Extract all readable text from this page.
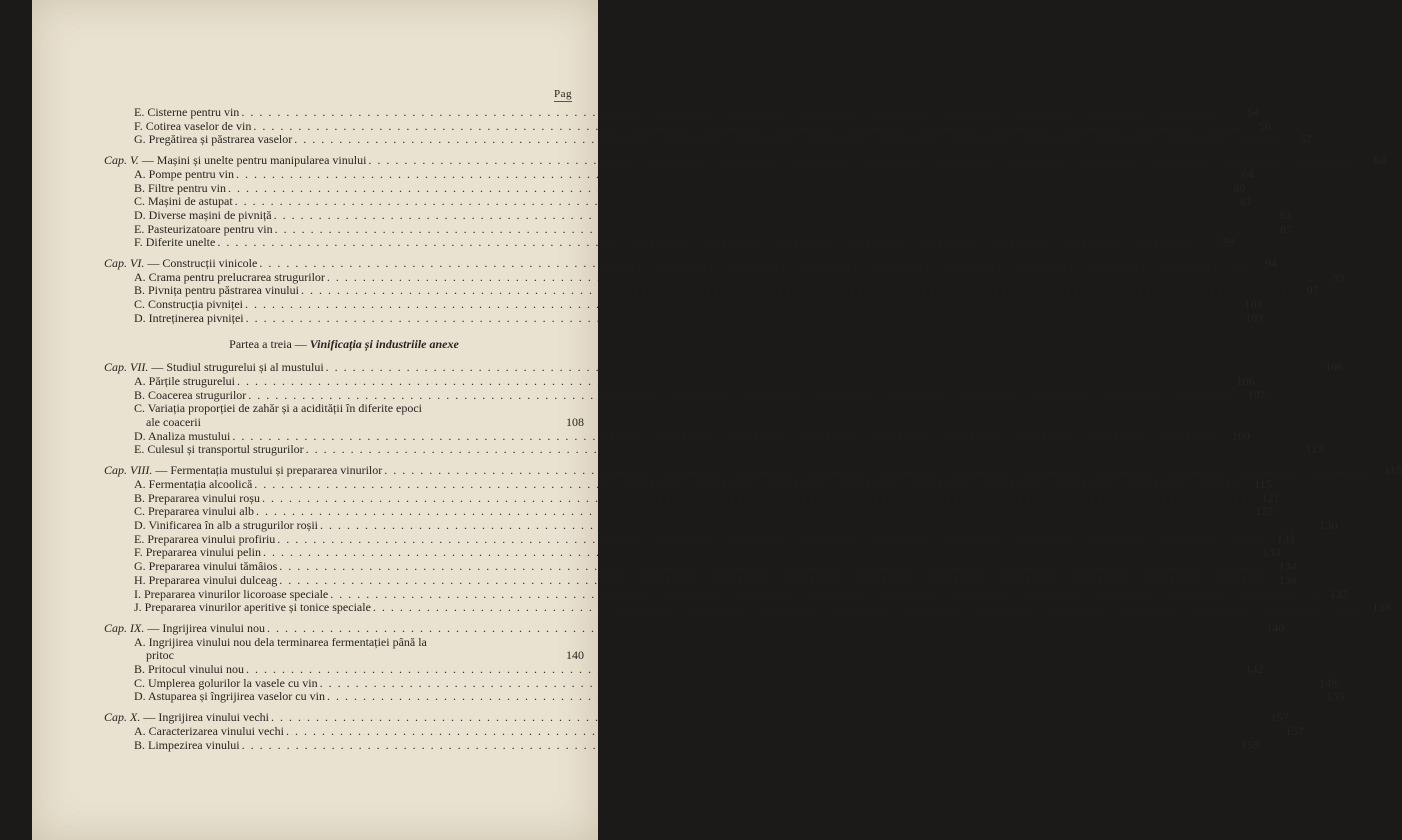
Pag
E. Cisterne pentru vin . . .	54
F. Cotirea vaselor de vin . . .	56
G. Pregătirea și păstrarea vaselor . . .	57
Cap. V. — Mașini și unelte pentru manipularea vinului . . .	64
A. Pompe pentru vin . . .	64
B. Filtre pentru vin . . .	69
C. Mașini de astupat . . .	81
D. Diverse mașini de pivniță . . .	83
E. Pasteurizatoare pentru vin . . .	87
F. Diferite unelte . . .	89
Cap. VI. — Construcții vinicole . . .	94
A. Crama pentru prelucrarea strugurilor . . .	95
B. Pivnița pentru păstrarea vinului . . .	97
C. Construcția pivniței . . .	101
D. Intreținerea pivniței . . .	103
Partea a treia — Vinificația și industriile anexe
Cap. VII. — Studiul strugurelui și al mustului . . .	106
A. Părțile strugurelui . . .	106
B. Coacerea strugurilor . . .	107
C. Variația proporției de zahăr și a acidității în diferite epoci
ale coacerii	108
D. Analiza mustului . . .	109
E. Culesul și transportul strugurilor . . .	113
Cap. VIII. — Fermentația mustului și prepararea vinurilor . . .	115
A. Fermentația alcoolică . . .	115
B. Prepararea vinului roșu . . .	121
C. Prepararea vinului alb . . .	127
D. Vinificarea în alb a strugurilor roșii . . .	130
E. Prepararea vinului profiriu . . .	133
F. Prepararea vinului pelin . . .	133
G. Prepararea vinului tămâios . . .	134
H. Prepararea vinului dulceag . . .	136
I. Prepararea vinurilor licoroase speciale . . .	137
J. Prepararea vinurilor aperitive și tonice speciale . . .	138
Cap. IX. — Ingrijirea vinului nou . . .	140
A. Ingrijirea vinului nou dela terminarea fermentației până la
pritoc	140
B. Pritocul vinului nou . . .	142
C. Umplerea golurilor la vasele cu vin . . .	148
D. Astuparea și îngrijirea vaselor cu vin . . .	155
Cap. X. — Ingrijirea vinului vechi . . .	157
A. Caracterizarea vinului vechi . . .	157
B. Limpezirea vinului . . .	158
